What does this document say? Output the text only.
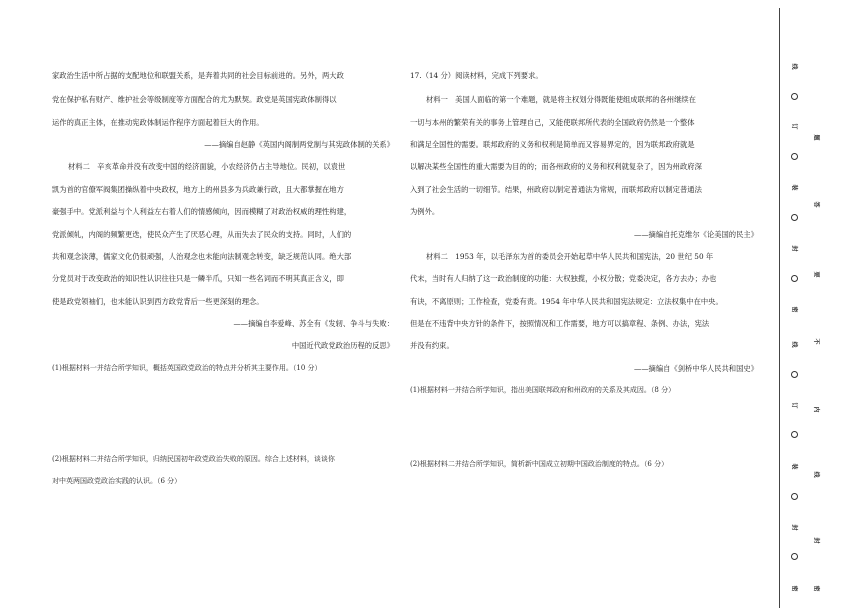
家政治生活中所占据的支配地位和联盟关系，是奔着共同的社会目标前进的。另外，两大政
党在保护私有财产、维护社会等级制度等方面配合的尤为默契。政党是英国宪政体制得以
运作的真正主体，在推动宪政体制运作程序方面起着巨大的作用。
——摘编自赵静《英国内阁制两党制与其宪政体制的关系》
材料二　辛亥革命并没有改变中国的经济面貌，小农经济仍占主导地位。民初，以袁世
凯为首的官僚军阀集团操纵着中央政权，地方上的州县多为兵政兼行政，且大都掌握在地方
豪强手中。党派利益与个人利益左右着人们的情感倾向，因而模糊了对政治权威的理性构建，
党派倾轧，内阁的频繁更迭，使民众产生了厌恶心理，从而失去了民众的支持。同时，人们的
共和观念淡薄，儒家文化仍很顽强，人治观念也未能向法制观念转变，缺乏规范认同。绝大部
分党员对于改变政治的知识性认识往往只是一鳞半爪，只知一些名词而不明其真正含义，即
使是政党领袖们，也未能认识到西方政党背后一些更深刻的理念。
——摘编自李爱峰、苏全有《发轫、争斗与失败：
中国近代政党政治历程的反思》
(1)根据材料一并结合所学知识，概括英国政党政治的特点并分析其主要作用。（10 分）
(2)根据材料二并结合所学知识，归纳民国初年政党政治失败的原因。综合上述材料，谈谈你
对中英两国政党政治实践的认识。（6 分）
17.（14 分）阅读材料，完成下列要求。
材料一　美国人面临的第一个难题，就是将主权划分得既能使组成联邦的各州继续在
一切与本州的繁荣有关的事务上管理自己，又能使联邦所代表的全国政府仍然是一个整体
和满足全国性的需要。联邦政府的义务和权利是简单而又容易界定的，因为联邦政府就是
以解决某些全国性的重大需要为目的的；而各州政府的义务和权利就复杂了，因为州政府深
入到了社会生活的一切细节。结果，州政府以制定普通法为常规，而联邦政府以制定普通法
为例外。
——摘编自托克维尔《论美国的民主》
材料二　1953 年，以毛泽东为首的委员会开始起草中华人民共和国宪法，20 世纪 50 年
代末，当时有人归纳了这一政治制度的功能：大权独揽，小权分散；党委决定，各方去办；办也
有诀，不离原则；工作检查，党委有责。1954 年中华人民共和国宪法规定：立法权集中在中央。
但是在不违背中央方针的条件下，按照情况和工作需要，地方可以搞章程、条例、办法，宪法
并没有约束。
——摘编自《剑桥中华人民共和国史》
(1)根据材料一并结合所学知识，指出美国联邦政府和州政府的关系及其成因。（8 分）
(2)根据材料二并结合所学知识，简析新中国成立初期中国政治制度的特点。（6 分）
线
订
题
装
答
封
要
密
不
线
内
订
线
装
封
封
密	密
